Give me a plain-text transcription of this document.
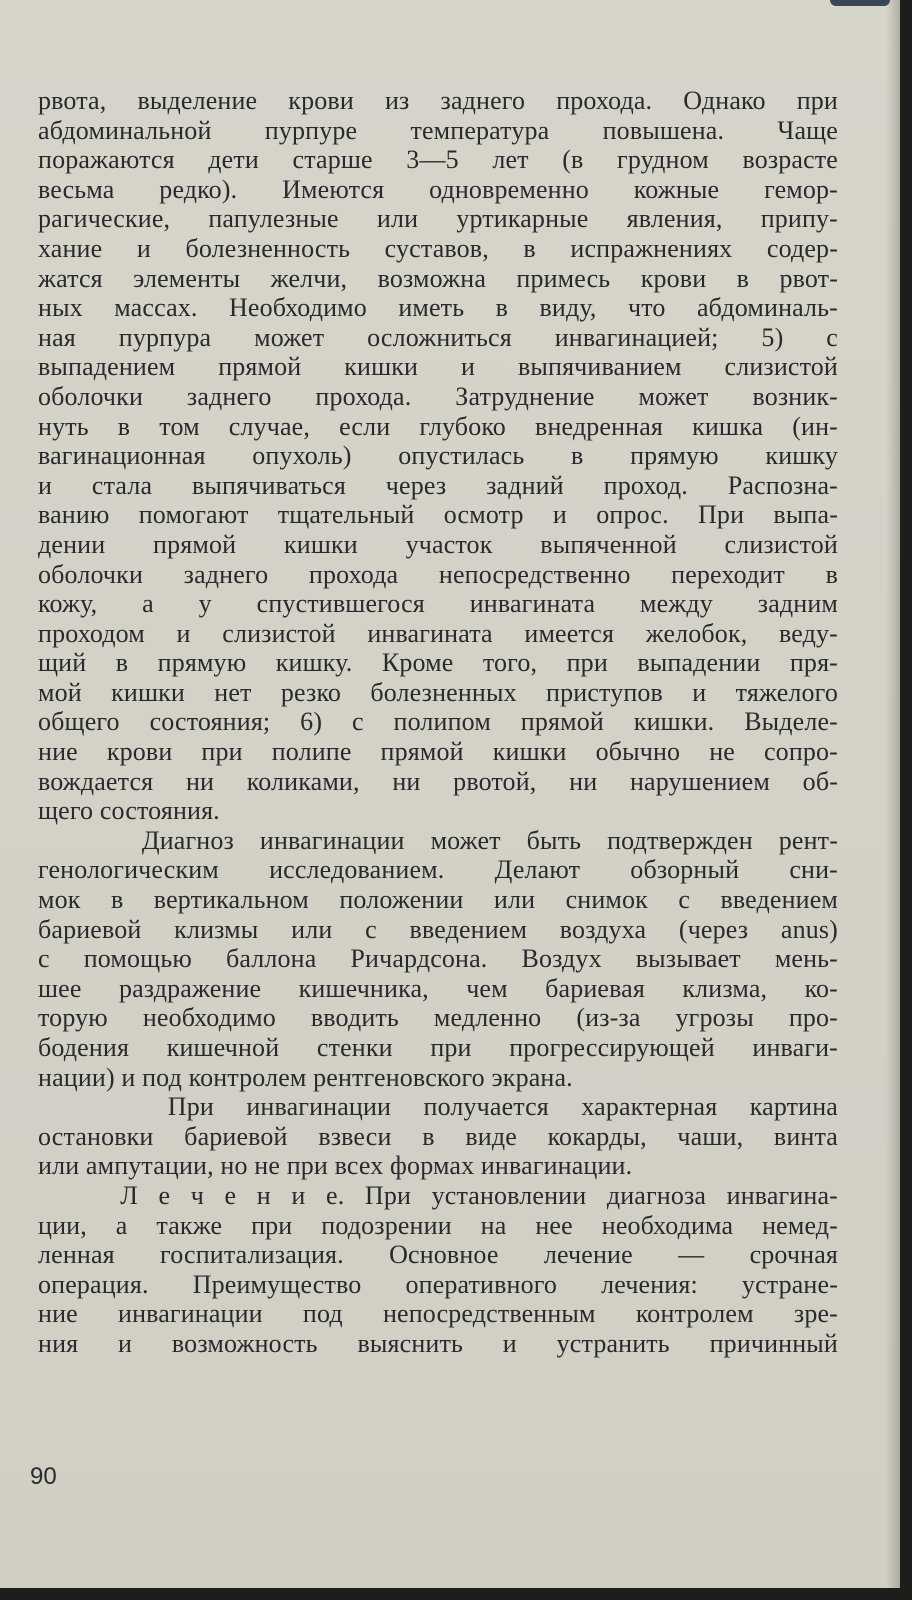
рвота, выделение крови из заднего прохода. Однако при
абдоминальной пурпуре температура повышена. Чаще
поражаются дети старше 3—5 лет (в грудном возрасте
весьма редко). Имеются одновременно кожные гемор-
рагические, папулезные или уртикарные явления, припу-
хание и болезненность суставов, в испражнениях содер-
жатся элементы желчи, возможна примесь крови в рвот-
ных массах. Необходимо иметь в виду, что абдоминаль-
ная пурпура может осложниться инвагинацией; 5) с
выпадением прямой кишки и выпячиванием слизистой
оболочки заднего прохода. Затруднение может возник-
нуть в том случае, если глубоко внедренная кишка (ин-
вагинационная опухоль) опустилась в прямую кишку
и стала выпячиваться через задний проход. Распозна-
ванию помогают тщательный осмотр и опрос. При выпа-
дении прямой кишки участок выпяченной слизистой
оболочки заднего прохода непосредственно переходит в
кожу, а у спустившегося инвагината между задним
проходом и слизистой инвагината имеется желобок, веду-
щий в прямую кишку. Кроме того, при выпадении пря-
мой кишки нет резко болезненных приступов и тяжелого
общего состояния; 6) с полипом прямой кишки. Выделе-
ние крови при полипе прямой кишки обычно не сопро-
вождается ни коликами, ни рвотой, ни нарушением об-
щего состояния.
Диагноз инвагинации может быть подтвержден рент-
генологическим исследованием. Делают обзорный сни-
мок в вертикальном положении или снимок с введением
бариевой клизмы или с введением воздуха (через anus)
с помощью баллона Ричардсона. Воздух вызывает мень-
шее раздражение кишечника, чем бариевая клизма, ко-
торую необходимо вводить медленно (из-за угрозы про-
бодения кишечной стенки при прогрессирующей инваги-
нации) и под контролем рентгеновского экрана.
При инвагинации получается характерная картина
остановки бариевой взвеси в виде кокарды, чаши, винта
или ампутации, но не при всех формах инвагинации.
Л е ч е н и е. При установлении диагноза инвагина-
ции, а также при подозрении на нее необходима немед-
ленная госпитализация. Основное лечение — срочная
операция. Преимущество оперативного лечения: устране-
ние инвагинации под непосредственным контролем зре-
ния и возможность выяснить и устранить причинный
90
